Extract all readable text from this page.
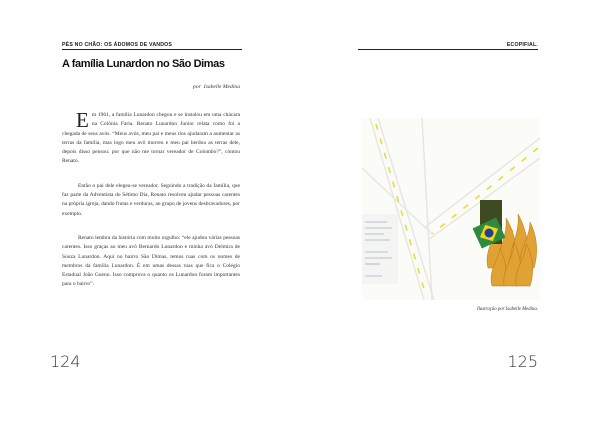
PÉS NO CHÃO: OS ÁDOMOS DE VANDOS
A família Lunardon no São Dimas
por Isabelle Medina

Em 1961, a família Lunardon chegou e se instalou em uma chácara na Colônia Faria. Renato Lunardon Junior relata como foi a chegada de seus avós. “Meus avós, meu pai e meus tios ajudaram a aumentar as terras da família, mas logo meu avô morreu e meu pai herdou as terras dele, depois disso pensou: por que não me tornar vereador de Colombo?”, contou Renato.

Então o pai dele elegeu-se vereador. Seguindo a tradição da família, que faz parte da Adventista do Sétimo Dia, Renato resolveu ajudar pessoas carentes na própria igreja, dando frutas e verduras, ao grupo de jovens desbravadores, por exemplo.

Renato lembra da história com muito orgulho: “ele ajudou várias pessoas carentes. Isso graças ao meu avô Bernardo Lunardon e minha avó Delmira de Souza Lunardon. Aqui no bairro São Dimas, temos ruas com os nomes de membros da família Lunardon. É em umas dessas ruas que fica o Colégio Estadual João Gueno. Isso comprova o quanto os Lunardon foram importantes para o bairro”.

124
ECOPIFIAL.
Ilustração por Isabelle Medina.
125
